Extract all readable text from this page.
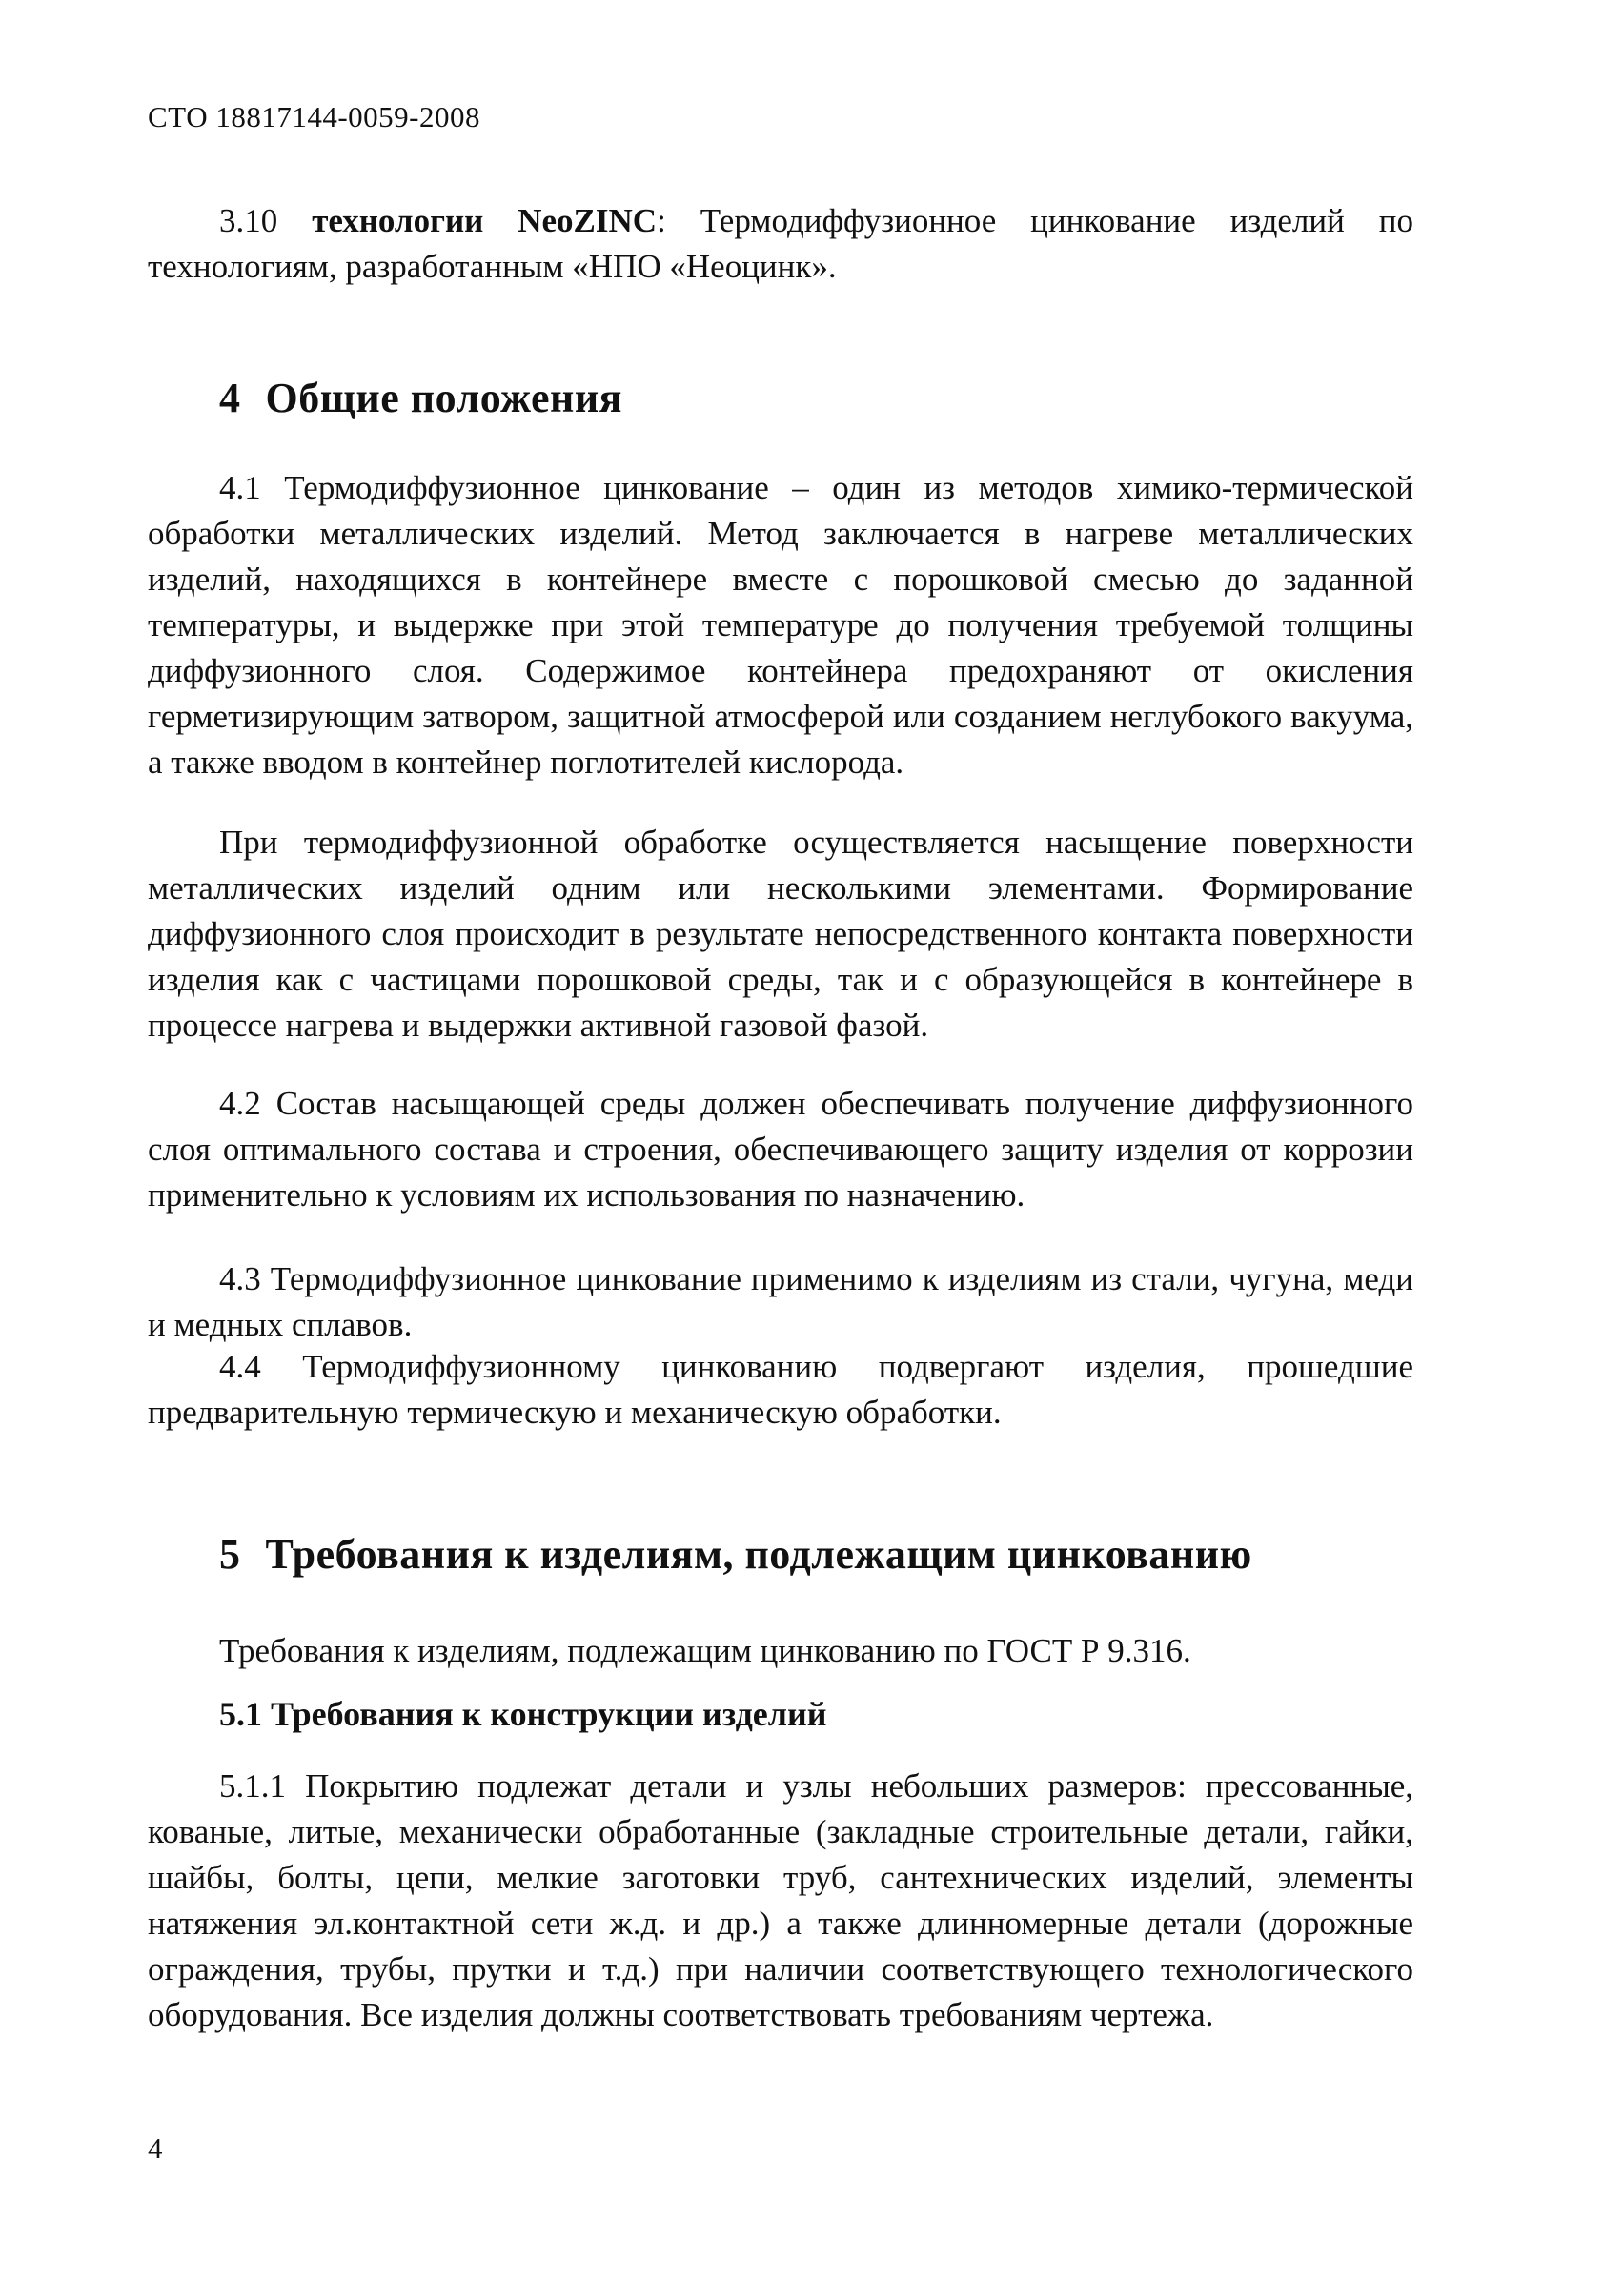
СТО 18817144-0059-2008
3.10 технологии NeoZINC: Термодиффузионное цинкование изделий по технологиям, разработанным «НПО «Неоцинк».
4 Общие положения
4.1 Термодиффузионное цинкование – один из методов химико-термической обработки металлических изделий. Метод заключается в нагреве металлических изделий, находящихся в контейнере вместе с порошковой смесью до заданной температуры, и выдержке при этой температуре до получения требуемой толщины диффузионного слоя. Содержимое контейнера предохраняют от окисления герметизирующим затвором, защитной атмосферой или созданием неглубокого вакуума, а также вводом в контейнер поглотителей кислорода.
При термодиффузионной обработке осуществляется насыщение поверхности металлических изделий одним или несколькими элементами. Формирование диффузионного слоя происходит в результате непосредственного контакта поверхности изделия как с частицами порошковой среды, так и с образующейся в контейнере в процессе нагрева и выдержки активной газовой фазой.
4.2 Состав насыщающей среды должен обеспечивать получение диффузионного слоя оптимального состава и строения, обеспечивающего защиту изделия от коррозии применительно к условиям их использования по назначению.
4.3 Термодиффузионное цинкование применимо к изделиям из стали, чугуна, меди и медных сплавов.
4.4 Термодиффузионному цинкованию подвергают изделия, прошедшие предварительную термическую и механическую обработки.
5 Требования к изделиям, подлежащим цинкованию
Требования к изделиям, подлежащим цинкованию по ГОСТ Р 9.316.
5.1 Требования к конструкции изделий
5.1.1 Покрытию подлежат детали и узлы небольших размеров: прессованные, кованые, литые, механически обработанные (закладные строительные детали, гайки, шайбы, болты, цепи, мелкие заготовки труб, сантехнических изделий, элементы натяжения эл.контактной сети ж.д. и др.) а также длинномерные детали (дорожные ограждения, трубы, прутки и т.д.) при наличии соответствующего технологического оборудования. Все изделия должны соответствовать требованиям чертежа.
4
